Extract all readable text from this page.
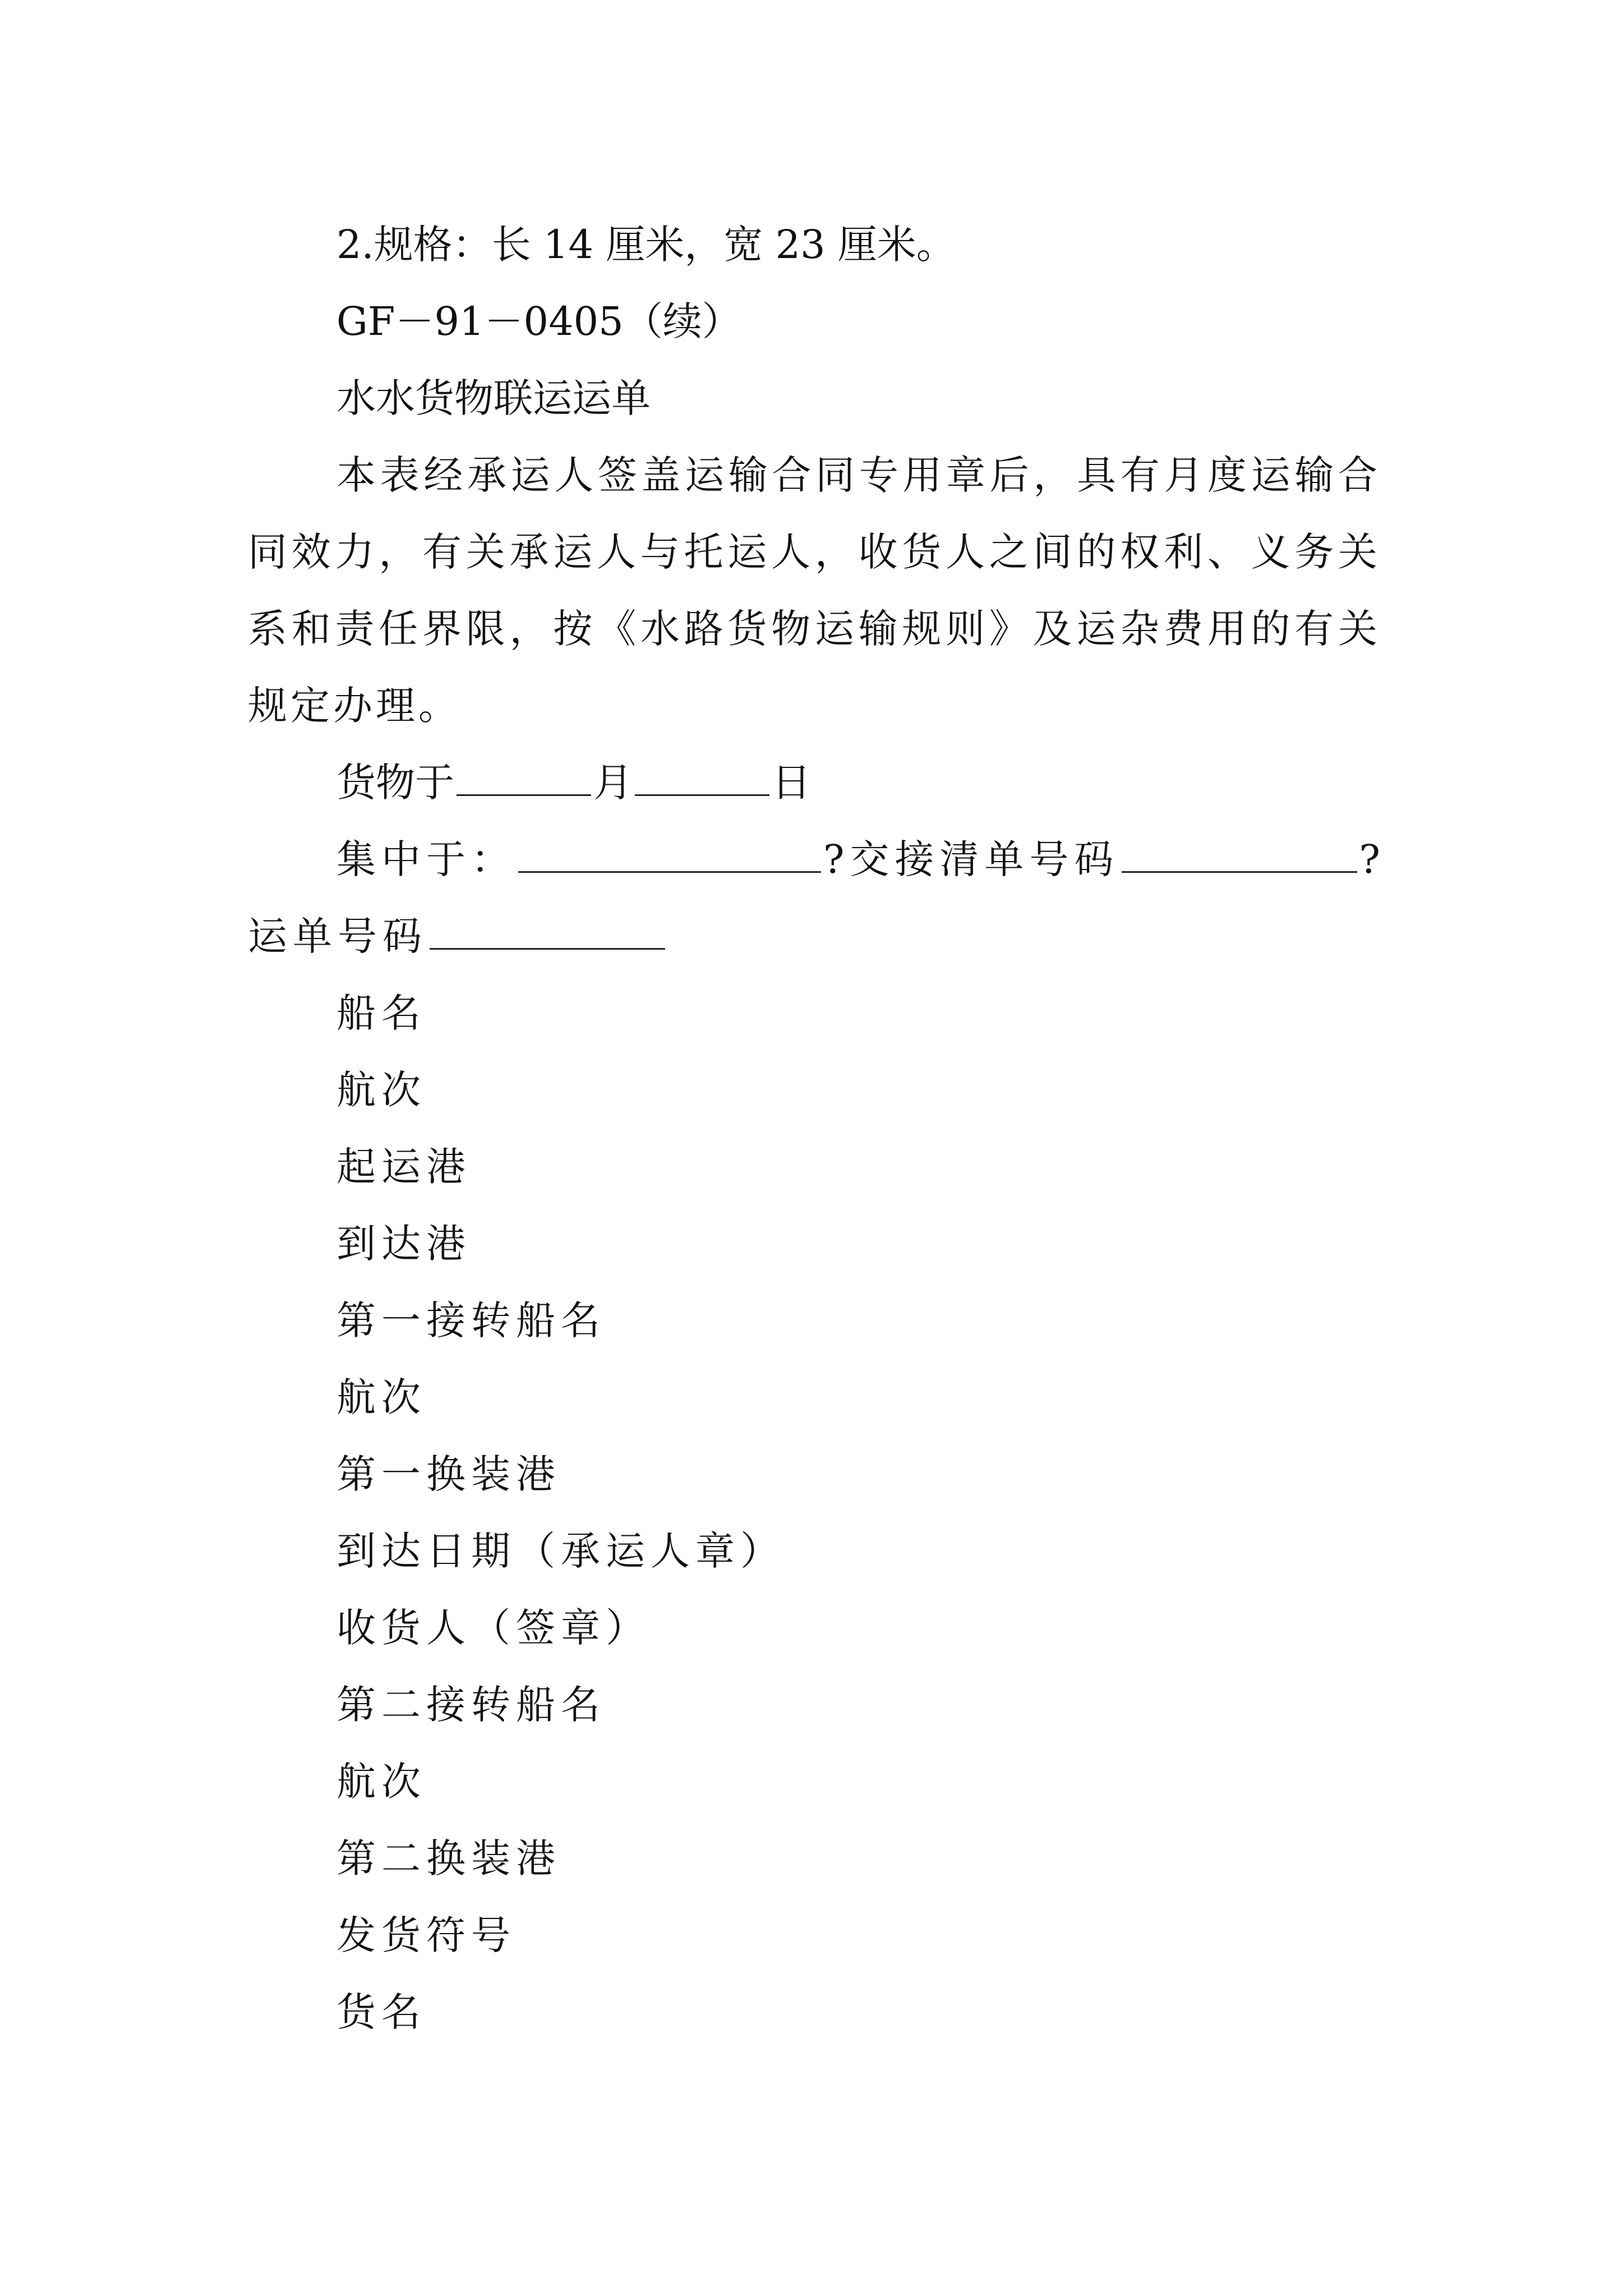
2.规格：长 14 厘米，宽 23 厘米。

GF－91－0405（续）

水水货物联运运单

本表经承运人签盖运输合同专用章后，具有月度运输合同效力，有关承运人与托运人，收货人之间的权利、义务关系和责任界限，按《水路货物运输规则》及运杂费用的有关规定办理。

货物于	月	日

集中于：	?交接清单号码	?

运单号码

船名

航次

起运港

到达港

第一接转船名

航次

第一换装港

到达日期（承运人章）

收货人（签章）

第二接转船名

航次

第二换装港

发货符号

货名
